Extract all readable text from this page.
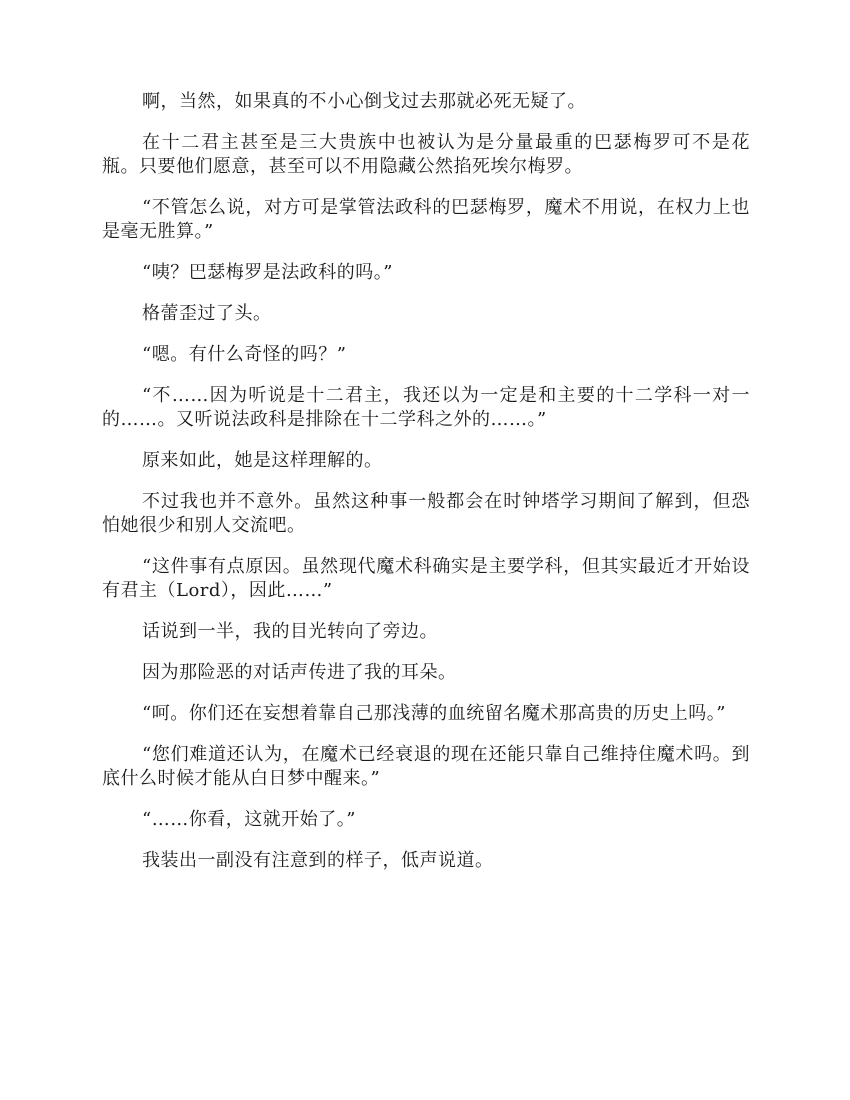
啊，当然，如果真的不小心倒戈过去那就必死无疑了。

在十二君主甚至是三大贵族中也被认为是分量最重的巴瑟梅罗可不是花瓶。只要他们愿意，甚至可以不用隐藏公然掐死埃尔梅罗。

“不管怎么说，对方可是掌管法政科的巴瑟梅罗，魔术不用说，在权力上也是毫无胜算。”

“咦？巴瑟梅罗是法政科的吗。”

格蕾歪过了头。

“嗯。有什么奇怪的吗？”

“不……因为听说是十二君主，我还以为一定是和主要的十二学科一对一的……。又听说法政科是排除在十二学科之外的……。”

原来如此，她是这样理解的。

不过我也并不意外。虽然这种事一般都会在时钟塔学习期间了解到，但恐怕她很少和别人交流吧。

“这件事有点原因。虽然现代魔术科确实是主要学科，但其实最近才开始设有君主（Lord），因此……”

话说到一半，我的目光转向了旁边。

因为那险恶的对话声传进了我的耳朵。

“呵。你们还在妄想着靠自己那浅薄的血统留名魔术那高贵的历史上吗。”

“您们难道还认为，在魔术已经衰退的现在还能只靠自己维持住魔术吗。到底什么时候才能从白日梦中醒来。”

“……你看，这就开始了。”

我装出一副没有注意到的样子，低声说道。
